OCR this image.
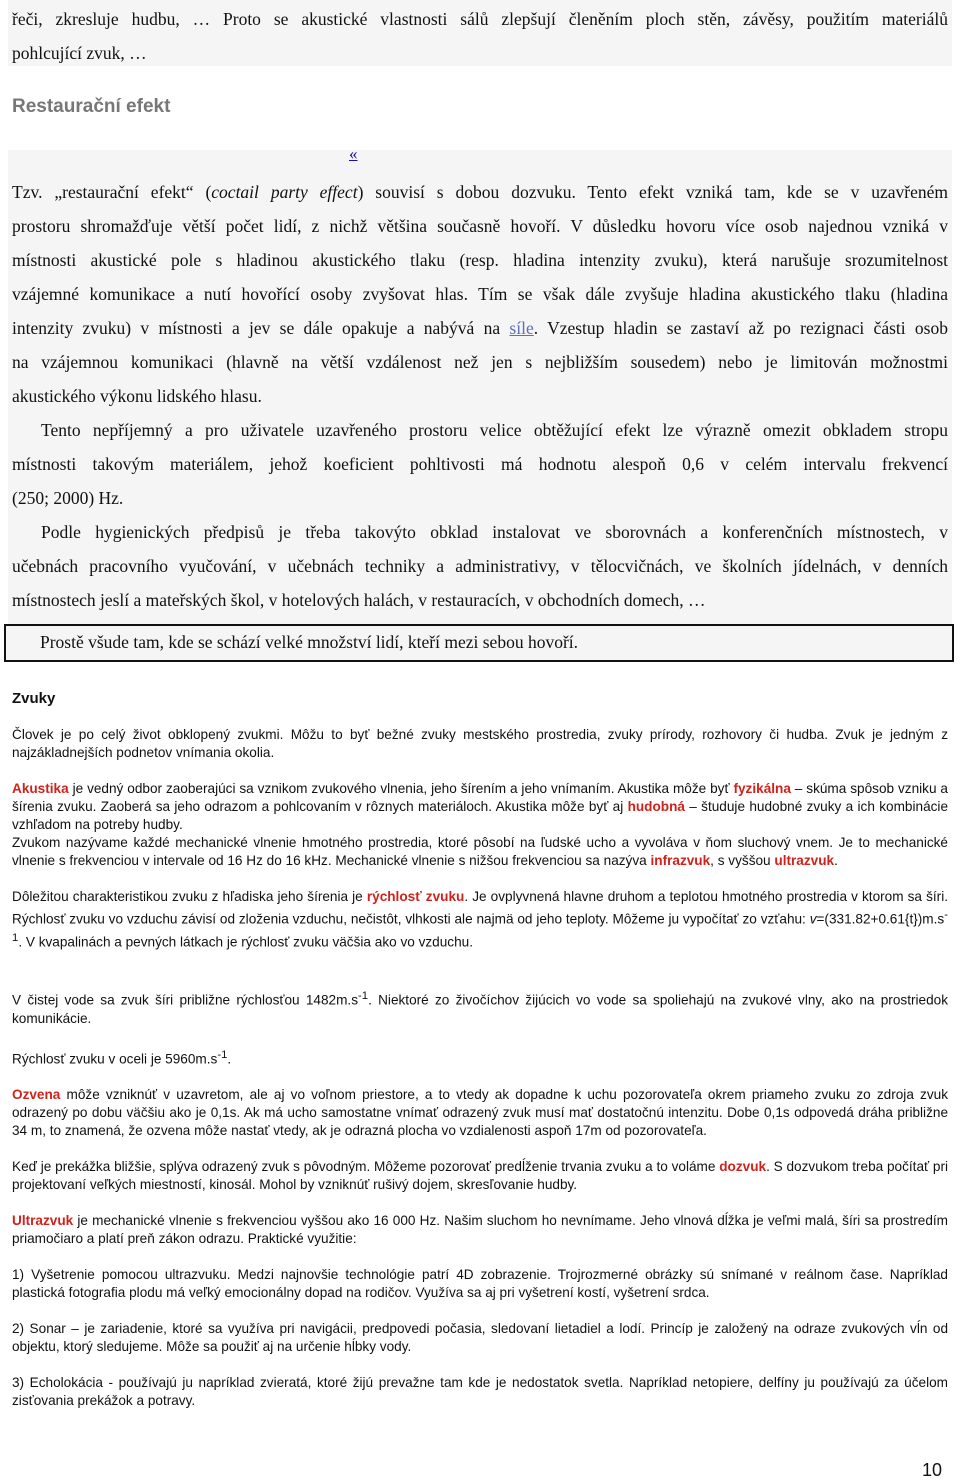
řeči, zkresluje hudbu, … Proto se akustické vlastnosti sálů zlepšují členěním ploch stěn, závěsy, použitím materiálů

pohlcující zvuk, …

Restaurační efekt
«

Tzv. „restaurační efekt“ (coctail party effect) souvisí s dobou dozvuku. Tento efekt vzniká tam, kde se v uzavřeném

prostoru shromažďuje větší počet lidí, z nichž většina současně hovoří. V důsledku hovoru více osob najednou vzniká v

místnosti akustické pole s hladinou akustického tlaku (resp. hladina intenzity zvuku), která narušuje srozumitelnost

vzájemné komunikace a nutí hovořící osoby zvyšovat hlas. Tím se však dále zvyšuje hladina akustického tlaku (hladina

intenzity zvuku) v místnosti a jev se dále opakuje a nabývá na síle. Vzestup hladin se zastaví až po rezignaci části osob

na vzájemnou komunikaci (hlavně na větší vzdálenost než jen s nejbližším sousedem) nebo je limitován možnostmi

akustického výkonu lidského hlasu.

Tento nepříjemný a pro uživatele uzavřeného prostoru velice obtěžující efekt lze výrazně omezit obkladem stropu

místnosti takovým materiálem, jehož koeficient pohltivosti má hodnotu alespoň 0,6 v celém intervalu frekvencí

(250; 2000) Hz.

Podle hygienických předpisů je třeba takovýto obklad instalovat ve sborovnách a konferenčních místnostech, v

učebnách pracovního vyučování, v učebnách techniky a administrativy, v tělocvičnách, ve školních jídelnách, v denních

místnostech jeslí a mateřských škol, v hotelových halách, v restauracích, v obchodních domech, …

Prostě všude tam, kde se schází velké množství lidí, kteří mezi sebou hovoří.

Zvuky

Človek je po celý život obklopený zvukmi. Môžu to byť bežné zvuky mestského prostredia, zvuky prírody, rozhovory či hudba. Zvuk je jedným z najzákladnejších podnetov vnímania okolia.

Akustika je vedný odbor zaoberajúci sa vznikom zvukového vlnenia, jeho šírením a jeho vnímaním. Akustika môže byť fyzikálna – skúma spôsob vzniku a šírenia zvuku. Zaoberá sa jeho odrazom a pohlcovaním v rôznych materiáloch. Akustika môže byť aj hudobná – študuje hudobné zvuky a ich kombinácie vzhľadom na potreby hudby.
Zvukom nazývame každé mechanické vlnenie hmotného prostredia, ktoré pôsobí na ľudské ucho a vyvoláva v ňom sluchový vnem. Je to mechanické vlnenie s frekvenciou v intervale od 16 Hz do 16 kHz. Mechanické vlnenie s nižšou frekvenciou sa nazýva infrazvuk, s vyššou ultrazvuk.

Dôležitou charakteristikou zvuku z hľadiska jeho šírenia je rýchlosť zvuku. Je ovplyvnená hlavne druhom a teplotou hmotného prostredia v ktorom sa šíri. Rýchlosť zvuku vo vzduchu závisí od zloženia vzduchu, nečistôt, vlhkosti ale najmä od jeho teploty. Môžeme ju vypočítať zo vzťahu: $v=(331.82+0.61\{t\})m.s^{-1}$. V kvapalinách a pevných látkach je rýchlosť zvuku väčšia ako vo vzduchu.

V čistej vode sa zvuk šíri približne rýchlosťou $1482m.s^{-1}$. Niektoré zo živočíchov žijúcich vo vode sa spoliehajú na zvukové vlny, ako na prostriedok komunikácie.

Rýchlosť zvuku v oceli je $5960m.s^{-1}$.

Ozvena môže vzniknúť v uzavretom, ale aj vo voľnom priestore, a to vtedy ak dopadne k uchu pozorovateľa okrem priameho zvuku zo zdroja zvuk odrazený po dobu väčšiu ako je 0,1s. Ak má ucho samostatne vnímať odrazený zvuk musí mať dostatočnú intenzitu. Dobe 0,1s odpovedá dráha približne 34 m, to znamená, že ozvena môže nastať vtedy, ak je odrazná plocha vo vzdialenosti aspoň 17m od pozorovateľa.

Keď je prekážka bližšie, splýva odrazený zvuk s pôvodným. Môžeme pozorovať predĺženie trvania zvuku a to voláme dozvuk. S dozvukom treba počítať pri projektovaní veľkých miestností, kinosál. Mohol by vzniknúť rušivý dojem, skresľovanie hudby.

Ultrazvuk je mechanické vlnenie s frekvenciou vyššou ako 16 000 Hz. Našim sluchom ho nevnímame. Jeho vlnová dĺžka je veľmi malá, šíri sa prostredím priamočiaro a platí preň zákon odrazu. Praktické využitie:

1) Vyšetrenie pomocou ultrazvuku. Medzi najnovšie technológie patrí 4D zobrazenie. Trojrozmerné obrázky sú snímané v reálnom čase. Napríklad plastická fotografia plodu má veľký emocionálny dopad na rodičov. Využíva sa aj pri vyšetrení kostí, vyšetrení srdca.

2) Sonar – je zariadenie, ktoré sa využíva pri navigácii, predpovedi počasia, sledovaní lietadiel a lodí. Princíp je založený na odraze zvukových vĺn od objektu, ktorý sledujeme. Môže sa použiť aj na určenie hĺbky vody.

3) Echolokácia - používajú ju napríklad zvieratá, ktoré žijú prevažne tam kde je nedostatok svetla. Napríklad netopiere, delfíny ju používajú za účelom zisťovania prekážok a potravy.

10
